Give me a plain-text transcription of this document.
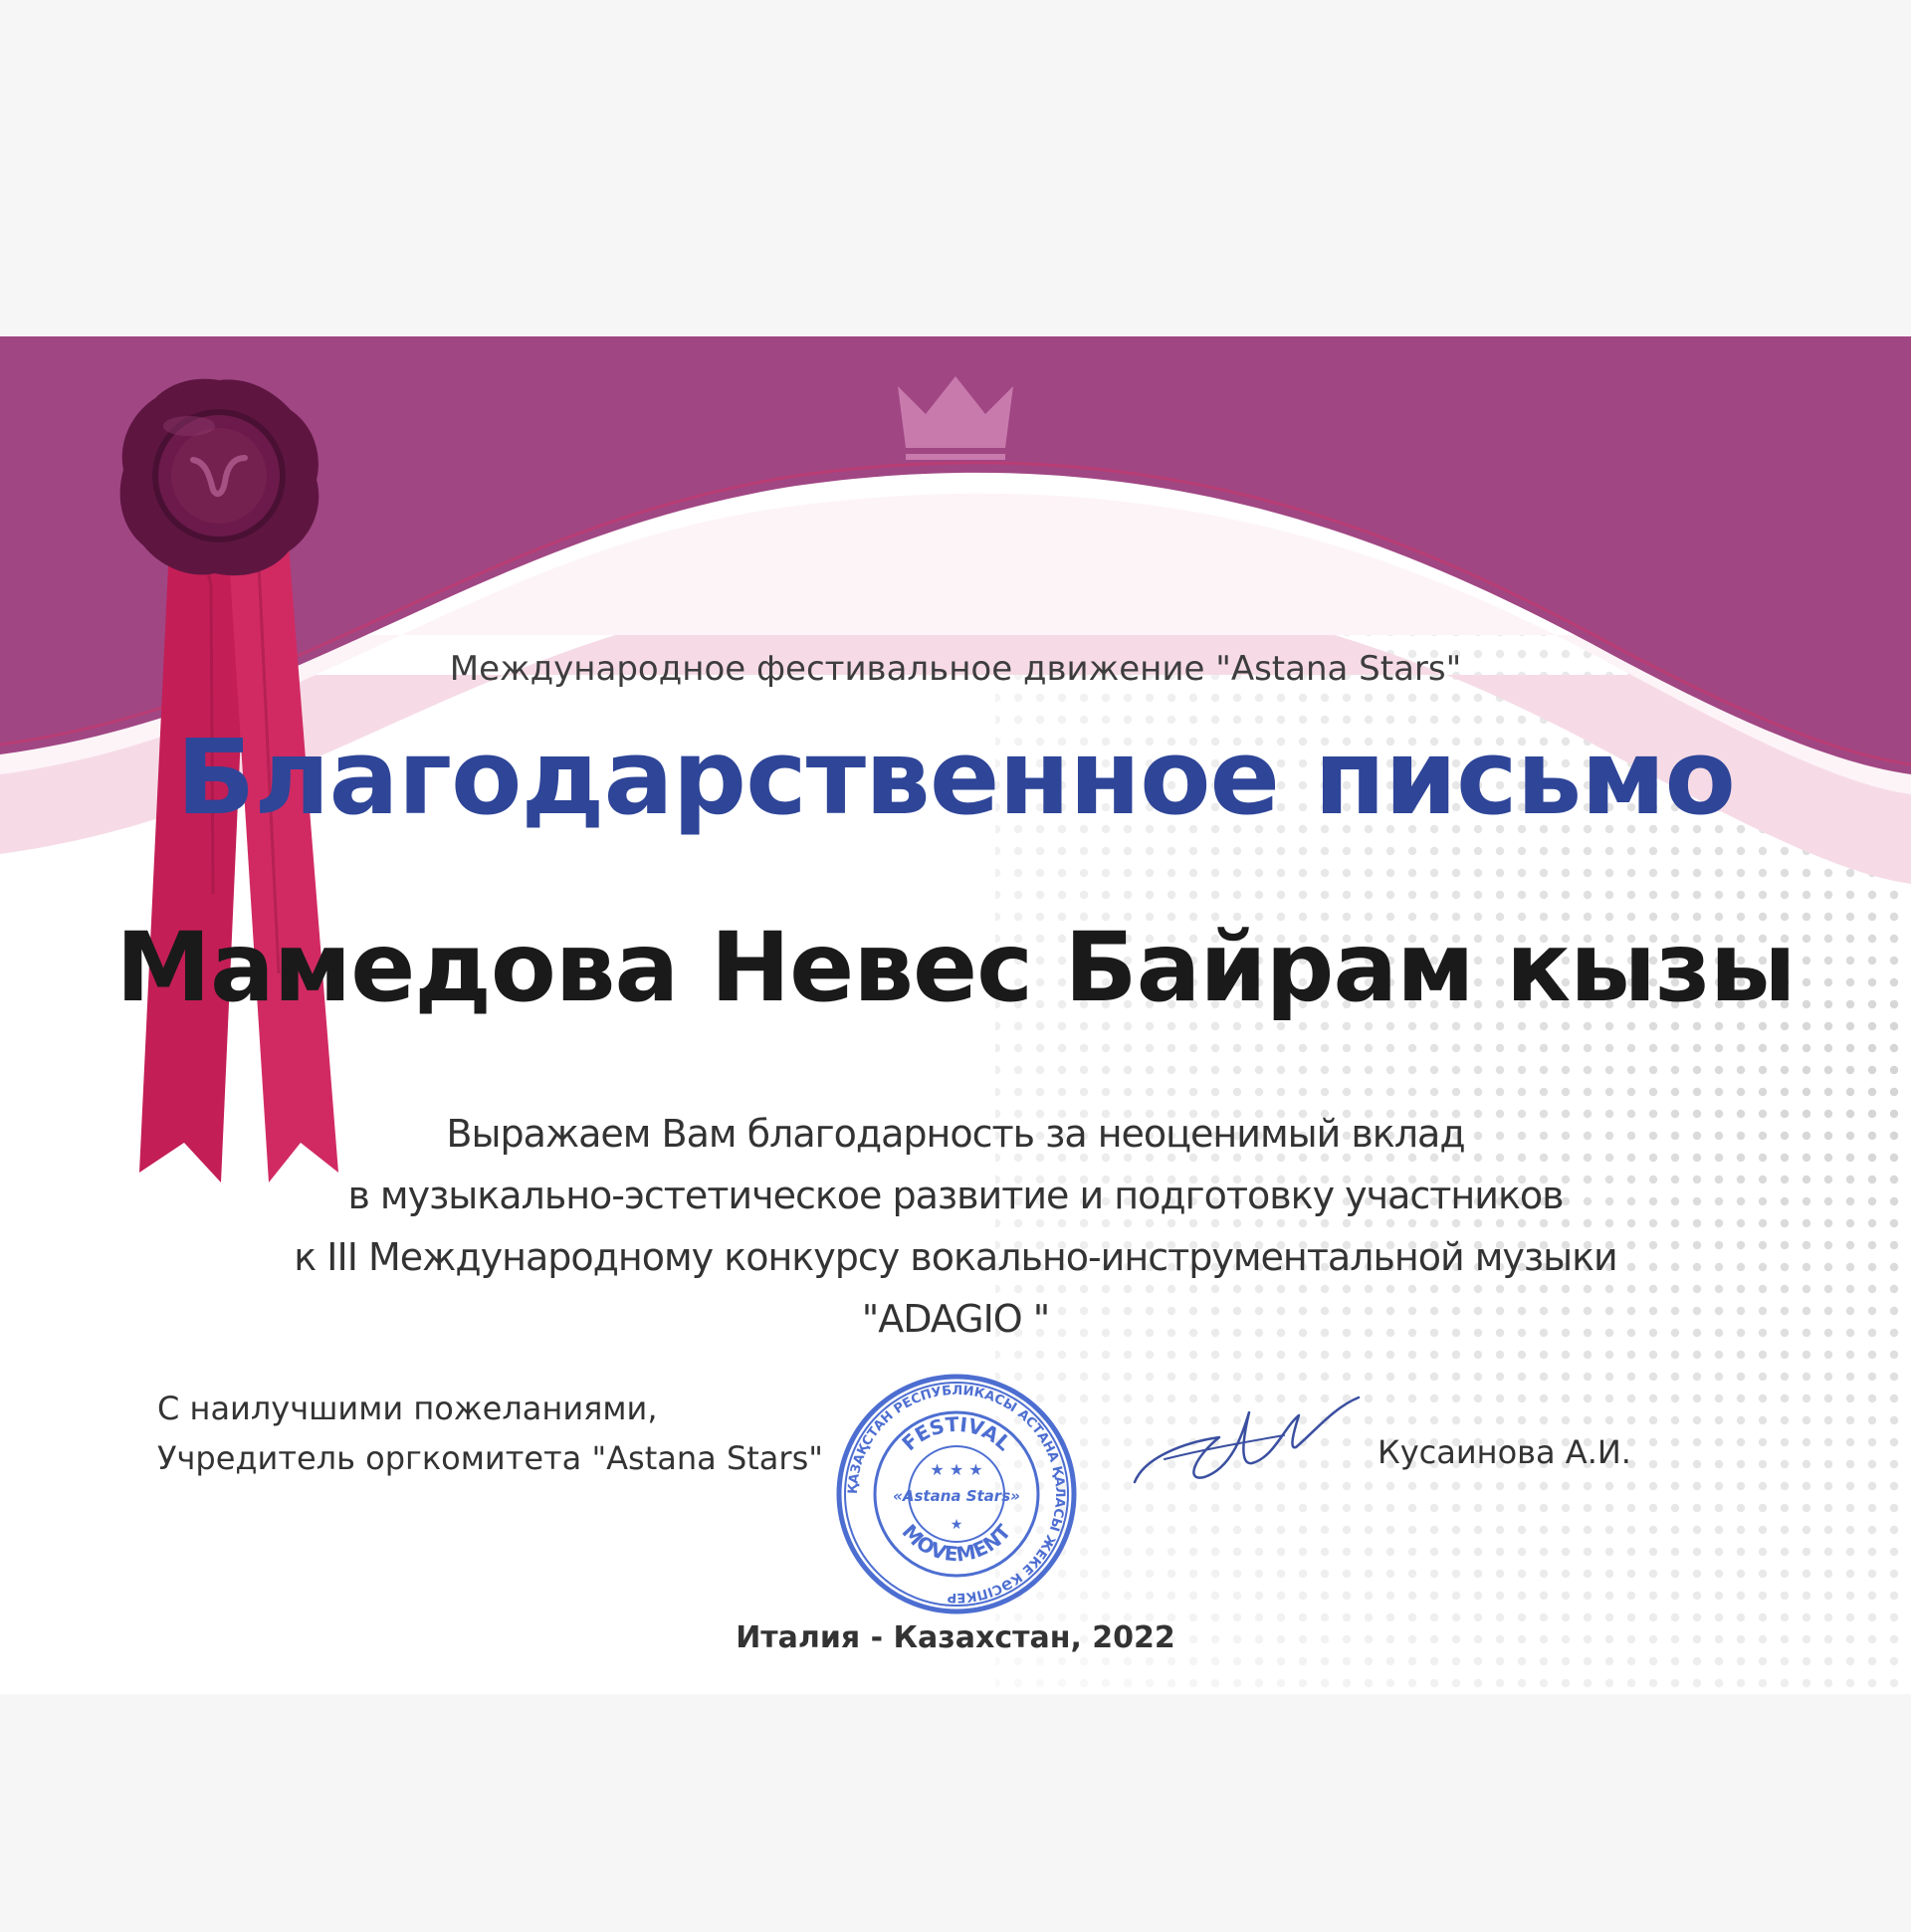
Международное фестивальное движение "Astana Stars"

Благодарственное письмо
Мамедова Невес Байрам кызы
Выражаем Вам благодарность за неоценимый вклад
в музыкально-эстетическое развитие и подготовку участников
к III Международному конкурсу вокально-инструментальной музыки
"ADAGIO "
С наилучшими пожеланиями,
Учредитель оргкомитета "Astana Stars"
ҚАЗАҚСТАН РЕСПУБЛИКАСЫ АСТАНА ҚАЛАСЫ ЖЕКЕ КӘСІПКЕР
FESTIVAL
MOVEMENT
★ ★ ★
«Astana Stars»
★
Кусаинова А.И.

Италия - Казахстан, 2022
